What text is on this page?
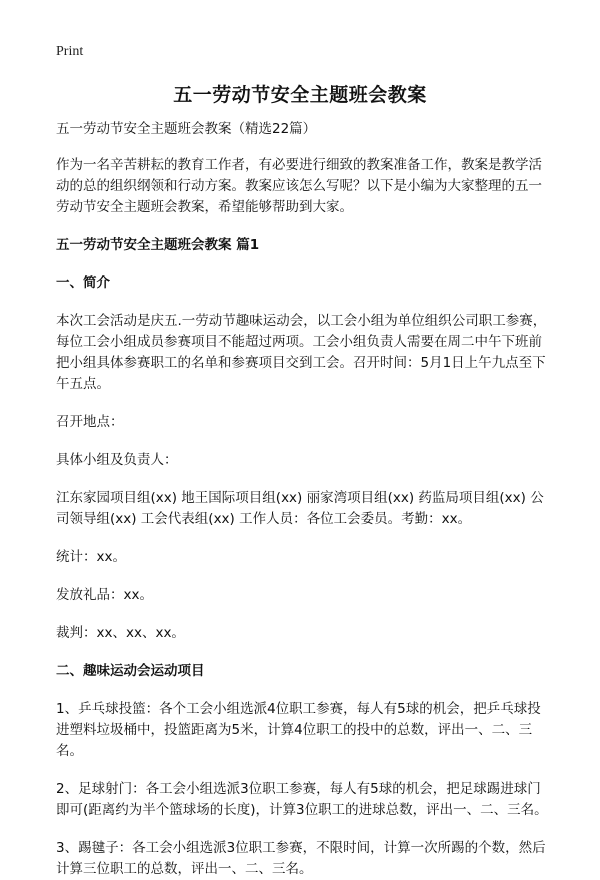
Print
五一劳动节安全主题班会教案

五一劳动节安全主题班会教案（精选22篇）

作为一名辛苦耕耘的教育工作者，有必要进行细致的教案准备工作，教案是教学活动的总的组织纲领和行动方案。教案应该怎么写呢？以下是小编为大家整理的五一劳动节安全主题班会教案，希望能够帮助到大家。

五一劳动节安全主题班会教案 篇1

一、简介

本次工会活动是庆五.一劳动节趣味运动会，以工会小组为单位组织公司职工参赛，每位工会小组成员参赛项目不能超过两项。工会小组负责人需要在周二中午下班前把小组具体参赛职工的名单和参赛项目交到工会。召开时间：5月1日上午九点至下午五点。

召开地点：

具体小组及负责人：

江东家园项目组(xx) 地王国际项目组(xx) 丽家湾项目组(xx) 药监局项目组(xx) 公司领导组(xx) 工会代表组(xx) 工作人员：各位工会委员。考勤：xx。

统计：xx。

发放礼品：xx。

裁判：xx、xx、xx。

二、趣味运动会运动项目

1、乒乓球投篮：各个工会小组选派4位职工参赛，每人有5球的机会，把乒乓球投进塑料垃圾桶中，投篮距离为5米，计算4位职工的投中的总数，评出一、二、三名。

2、足球射门：各工会小组选派3位职工参赛，每人有5球的机会，把足球踢进球门即可(距离约为半个篮球场的长度)，计算3位职工的进球总数，评出一、二、三名。

3、踢毽子：各工会小组选派3位职工参赛，不限时间，计算一次所踢的个数，然后计算三位职工的总数，评出一、二、三名。
